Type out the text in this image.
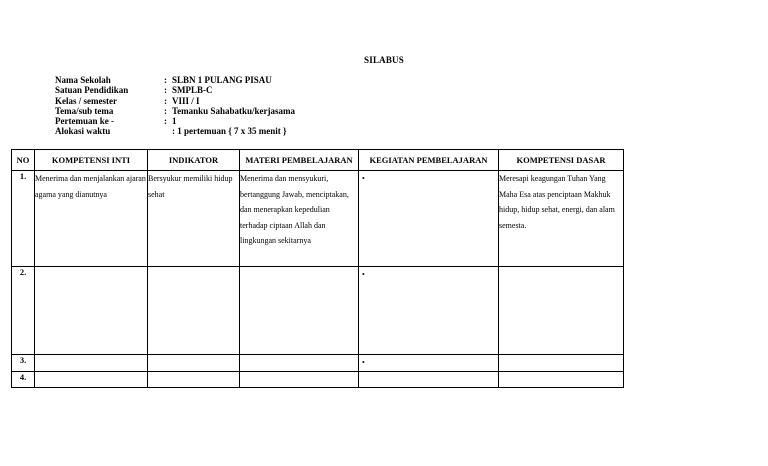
SILABUS
Nama Sekolah	: SLBN 1 PULANG PISAU
Satuan Pendidikan	: SMPLB-C
Kelas / semester	: VIII / I
Tema/sub tema	: Temanku Sahabatku/kerjasama
Pertemuan ke -	: 1
Alokasi waktu	: 1 pertemuan { 7 x 35 menit }
NO	KOMPETENSI INTI	INDIKATOR	MATERI PEMBELAJARAN	KEGIATAN PEMBELAJARAN	KOMPETENSI DASAR
1.	Menerima dan menjalankan ajaran agama yang dianutnya	Bersyukur memiliki hidup sehat	Menerima dan mensyukuri, bertanggung Jawab, menciptakan, dan menerapkan kepedulian terhadap ciptaan Allah dan lingkungan sekitarnya	•	Meresapi keagungan Tuhan Yang Maha Esa atas penciptaan Makhuk hidup, hidup sehat, energi, dan alam semesta.
2.				•	
3.				•	
4.					
